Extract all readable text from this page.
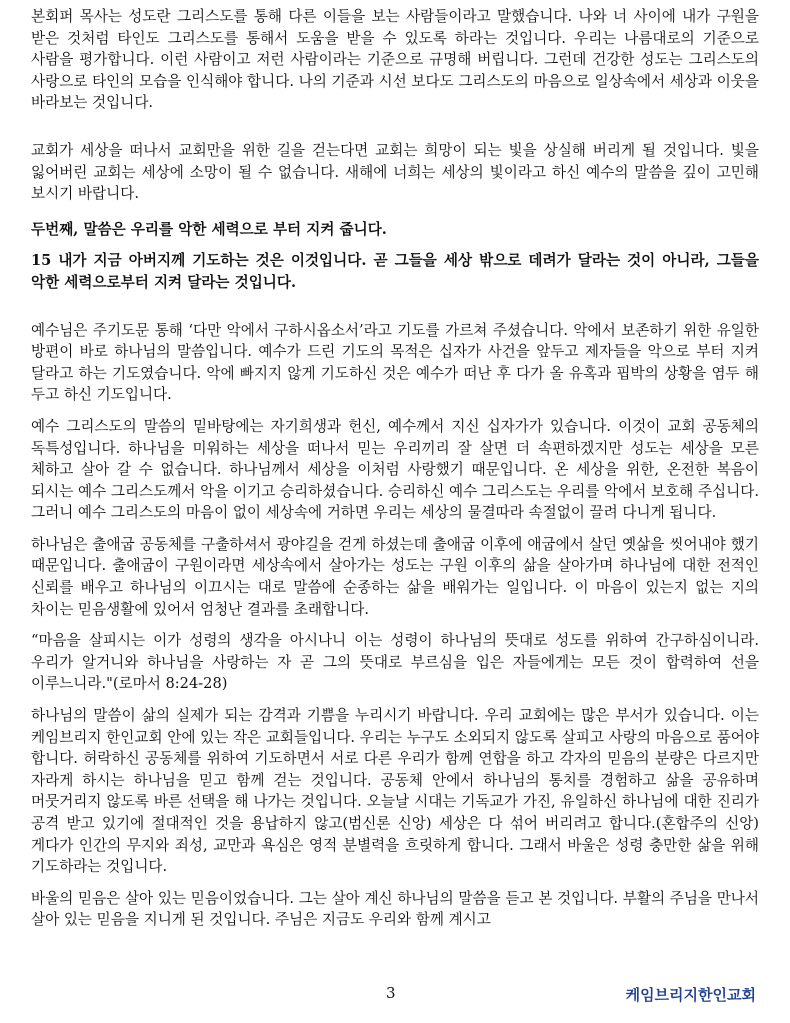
본회퍼 목사는 성도란 그리스도를 통해 다른 이들을 보는 사람들이라고 말했습니다. 나와 너 사이에 내가 구원을 받은 것처럼 타인도 그리스도를 통해서 도움을 받을 수 있도록 하라는 것입니다. 우리는 나름대로의 기준으로 사람을 평가합니다. 이런 사람이고 저런 사람이라는 기준으로 규명해 버립니다. 그런데 건강한 성도는 그리스도의 사랑으로 타인의 모습을 인식해야 합니다. 나의 기준과 시선 보다도 그리스도의 마음으로 일상속에서 세상과 이웃을 바라보는 것입니다.

교회가 세상을 떠나서 교회만을 위한 길을 걷는다면 교회는 희망이 되는 빛을 상실해 버리게 될 것입니다. 빛을 잃어버린 교회는 세상에 소망이 될 수 없습니다. 새해에 너희는 세상의 빛이라고 하신 예수의 말씀을 깊이 고민해 보시기 바랍니다.

두번째, 말씀은 우리를 악한 세력으로 부터 지켜 줍니다.

15 내가 지금 아버지께 기도하는 것은 이것입니다. 곧 그들을 세상 밖으로 데려가 달라는 것이 아니라, 그들을 악한 세력으로부터 지켜 달라는 것입니다.

예수님은 주기도문 통해 ‘다만 악에서 구하시옵소서’라고 기도를 가르쳐 주셨습니다. 악에서 보존하기 위한 유일한 방편이 바로 하나님의 말씀입니다. 예수가 드린 기도의 목적은 십자가 사건을 앞두고 제자들을 악으로 부터 지켜 달라고 하는 기도였습니다. 악에 빠지지 않게 기도하신 것은 예수가 떠난 후 다가 올 유혹과 핍박의 상황을 염두 해 두고 하신 기도입니다.

예수 그리스도의 말씀의 밑바탕에는 자기희생과 헌신, 예수께서 지신 십자가가 있습니다. 이것이 교회 공동체의 독특성입니다. 하나님을 미워하는 세상을 떠나서 믿는 우리끼리 잘 살면 더 속편하겠지만 성도는 세상을 모른 체하고 살아 갈 수 없습니다. 하나님께서 세상을 이처럼 사랑했기 때문입니다. 온 세상을 위한, 온전한 복음이 되시는 예수 그리스도께서 악을 이기고 승리하셨습니다. 승리하신 예수 그리스도는 우리를 악에서 보호해 주십니다. 그러니 예수 그리스도의 마음이 없이 세상속에 거하면 우리는 세상의 물결따라 속절없이 끌려 다니게 됩니다.

하나님은 출애굽 공동체를 구출하셔서 광야길을 걷게 하셨는데 출애굽 이후에 애굽에서 살던 옛삶을 씻어내야 했기 때문입니다. 출애굽이 구원이라면 세상속에서 살아가는 성도는 구원 이후의 삶을 살아가며 하나님에 대한 전적인 신뢰를 배우고 하나님의 이끄시는 대로 말씀에 순종하는 삶을 배워가는 일입니다. 이 마음이 있는지 없는 지의 차이는 믿음생활에 있어서 엄청난 결과를 초래합니다.

“마음을 살피시는 이가 성령의 생각을 아시나니 이는 성령이 하나님의 뜻대로 성도를 위하여 간구하심이니라. 우리가 알거니와 하나님을 사랑하는 자 곧 그의 뜻대로 부르심을 입은 자들에게는 모든 것이 합력하여 선을 이루느니라."(로마서 8:24-28)

하나님의 말씀이 삶의 실제가 되는 감격과 기쁨을 누리시기 바랍니다. 우리 교회에는 많은 부서가 있습니다. 이는 케임브리지 한인교회 안에 있는 작은 교회들입니다. 우리는 누구도 소외되지 않도록 살피고 사랑의 마음으로 품어야 합니다. 허락하신 공동체를 위하여 기도하면서 서로 다른 우리가 함께 연합을 하고 각자의 믿음의 분량은 다르지만 자라게 하시는 하나님을 믿고 함께 걷는 것입니다. 공동체 안에서 하나님의 통치를 경험하고 삶을 공유하며 머뭇거리지 않도록 바른 선택을 해 나가는 것입니다. 오늘날 시대는 기독교가 가진, 유일하신 하나님에 대한 진리가 공격 받고 있기에 절대적인 것을 용납하지 않고(범신론 신앙) 세상은 다 섞어 버리려고 합니다.(혼합주의 신앙) 게다가 인간의 무지와 죄성, 교만과 욕심은 영적 분별력을 흐릿하게 합니다. 그래서 바울은 성령 충만한 삶을 위해 기도하라는 것입니다.

바울의 믿음은 살아 있는 믿음이었습니다. 그는 살아 계신 하나님의 말씀을 듣고 본 것입니다. 부활의 주님을 만나서 살아 있는 믿음을 지니게 된 것입니다. 주님은 지금도 우리와 함께 계시고

3	케임브리지한인교회
